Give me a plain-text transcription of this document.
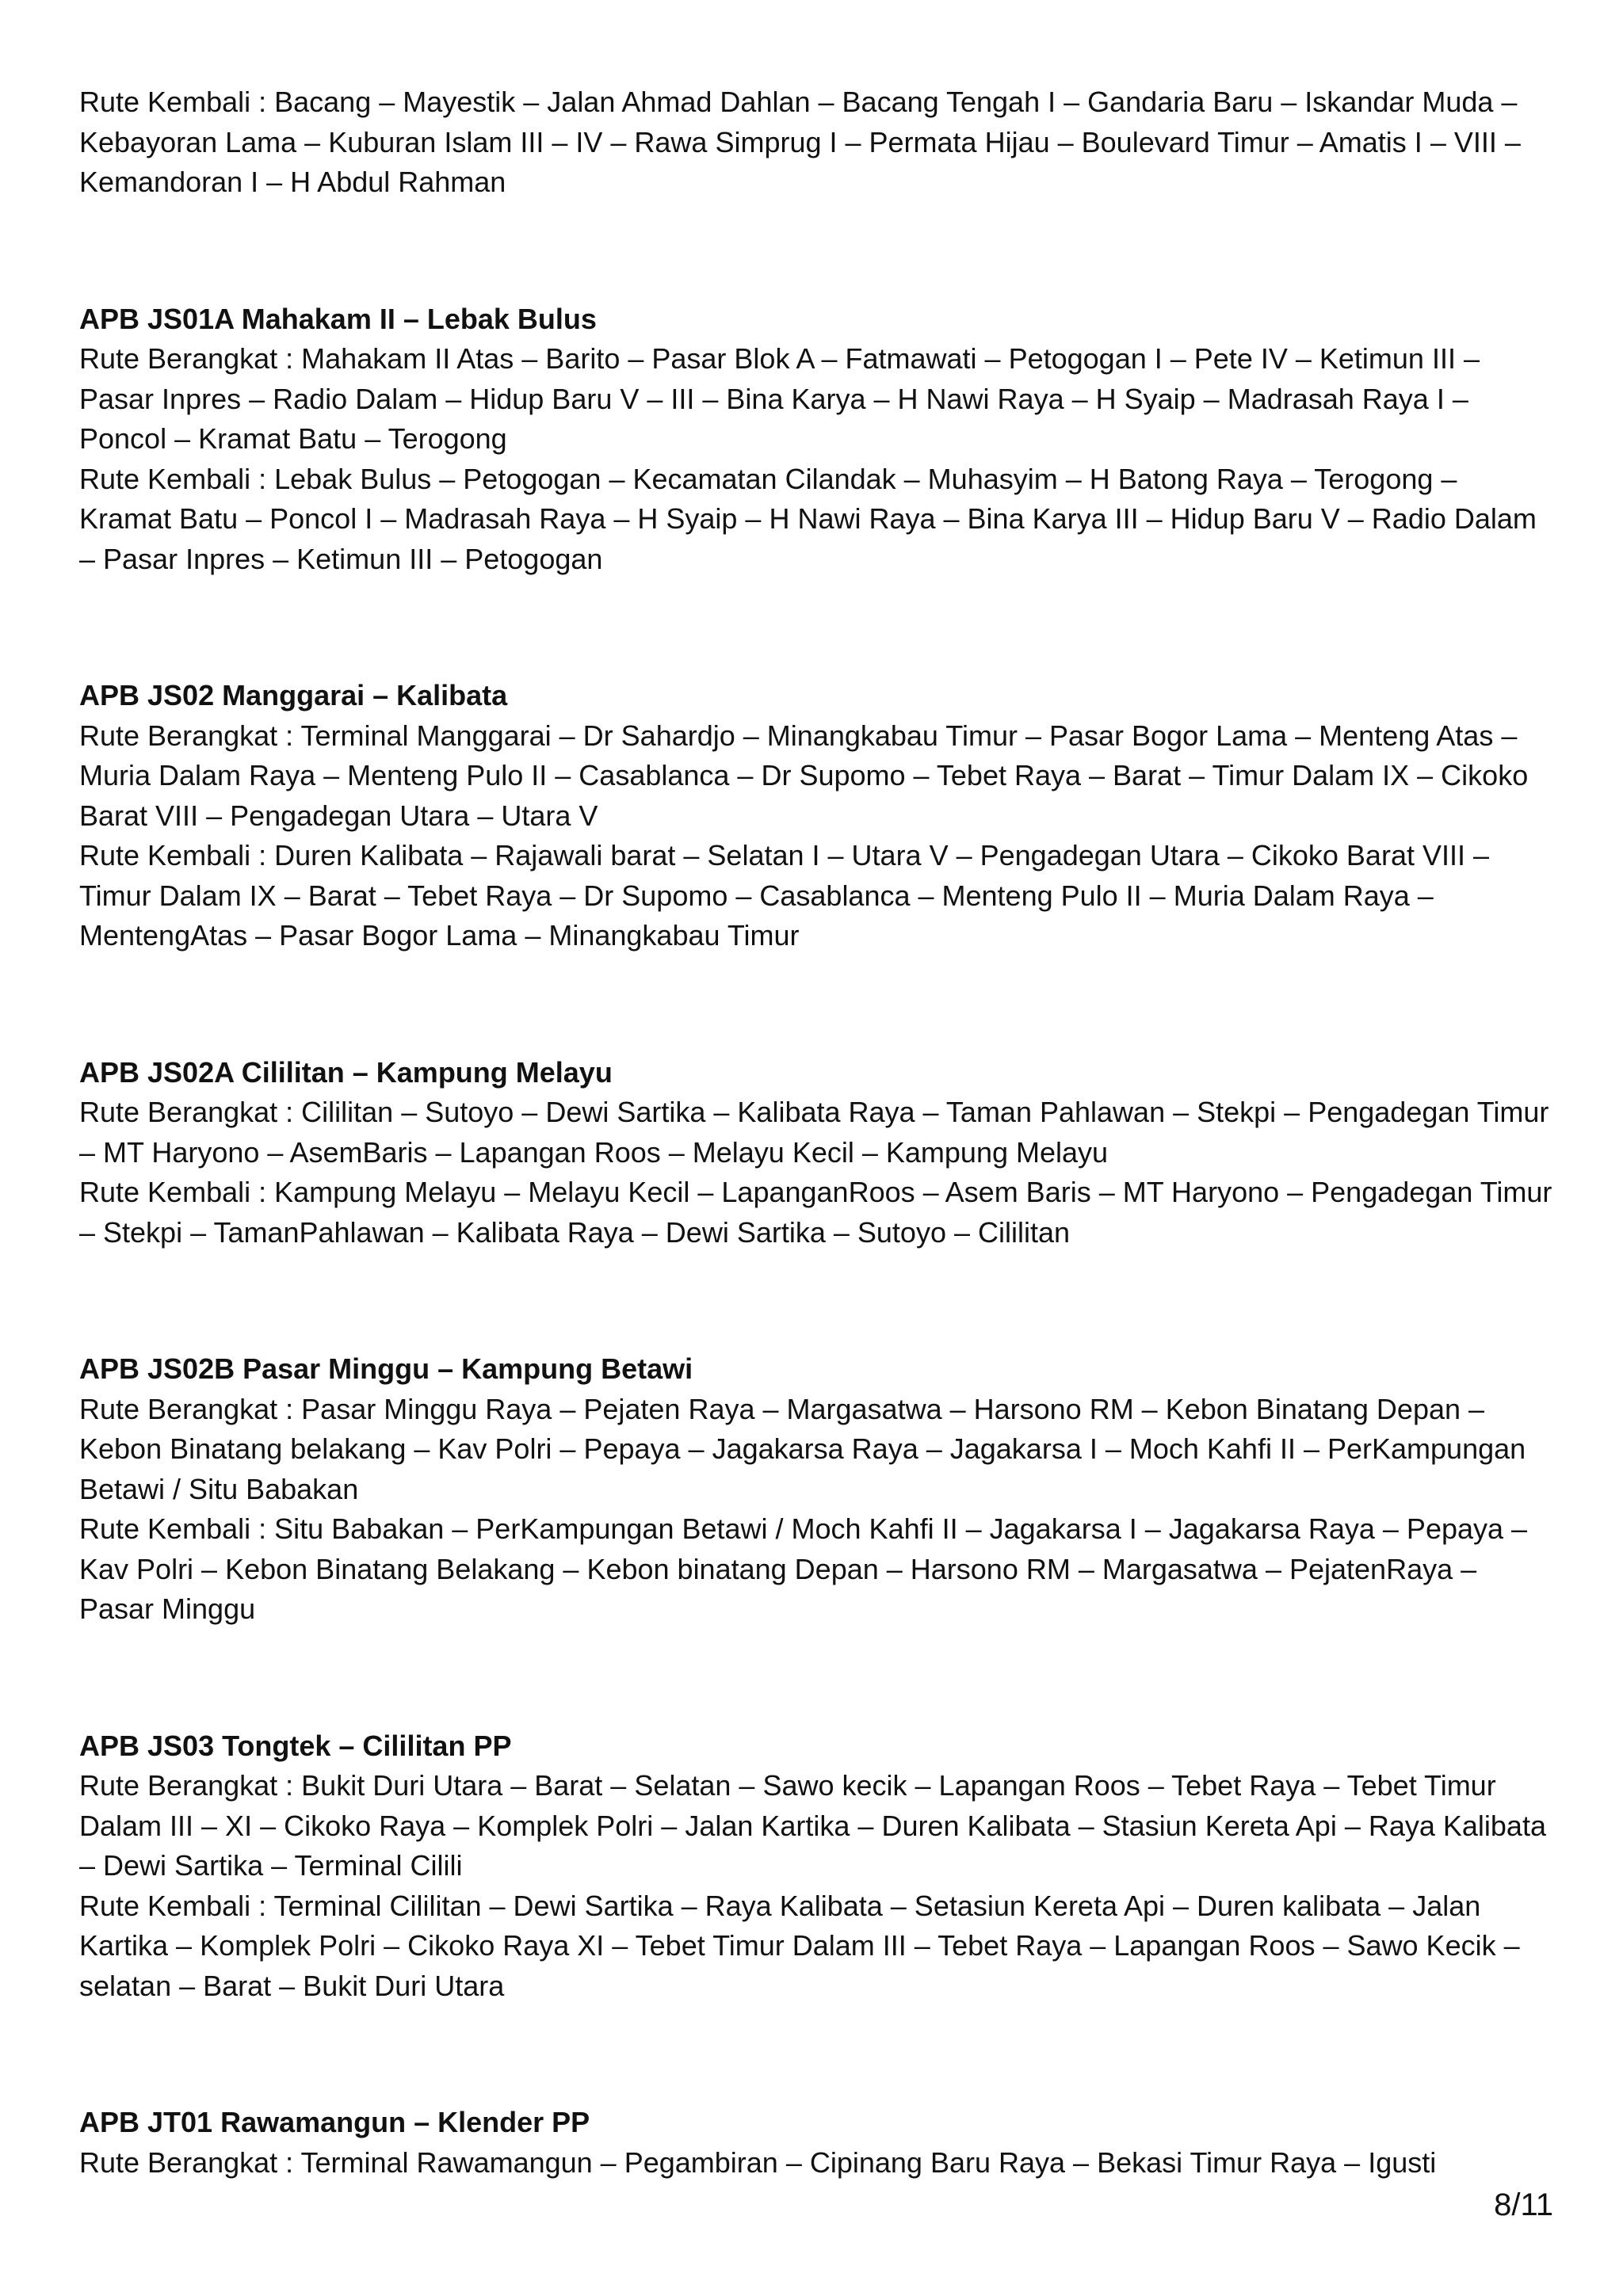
Rute Kembali : Bacang – Mayestik – Jalan Ahmad Dahlan – Bacang Tengah I – Gandaria Baru – Iskandar Muda – Kebayoran Lama – Kuburan Islam III – IV – Rawa Simprug I – Permata Hijau – Boulevard Timur – Amatis I – VIII – Kemandoran I – H Abdul Rahman

APB JS01A Mahakam II – Lebak Bulus

Rute Berangkat : Mahakam II Atas – Barito – Pasar Blok A – Fatmawati – Petogogan I – Pete IV – Ketimun III – Pasar Inpres – Radio Dalam – Hidup Baru V – III – Bina Karya – H Nawi Raya – H Syaip – Madrasah Raya I – Poncol – Kramat Batu – Terogong

Rute Kembali : Lebak Bulus – Petogogan – Kecamatan Cilandak – Muhasyim – H Batong Raya – Terogong – Kramat Batu – Poncol I – Madrasah Raya – H Syaip – H Nawi Raya – Bina Karya III – Hidup Baru V – Radio Dalam – Pasar Inpres – Ketimun III – Petogogan

APB JS02 Manggarai – Kalibata

Rute Berangkat : Terminal Manggarai – Dr Sahardjo – Minangkabau Timur – Pasar Bogor Lama – Menteng Atas – Muria Dalam Raya – Menteng Pulo II – Casablanca – Dr Supomo – Tebet Raya – Barat – Timur Dalam IX – Cikoko Barat VIII – Pengadegan Utara – Utara V

Rute Kembali : Duren Kalibata – Rajawali barat – Selatan I – Utara V – Pengadegan Utara – Cikoko Barat VIII – Timur Dalam IX – Barat – Tebet Raya – Dr Supomo – Casablanca – Menteng Pulo II – Muria Dalam Raya – MentengAtas – Pasar Bogor Lama – Minangkabau Timur

APB JS02A Cililitan – Kampung Melayu

Rute Berangkat : Cililitan – Sutoyo – Dewi Sartika – Kalibata Raya – Taman Pahlawan – Stekpi – Pengadegan Timur – MT Haryono – AsemBaris – Lapangan Roos – Melayu Kecil – Kampung Melayu

Rute Kembali : Kampung Melayu – Melayu Kecil – LapanganRoos – Asem Baris – MT Haryono – Pengadegan Timur – Stekpi – TamanPahlawan – Kalibata Raya – Dewi Sartika – Sutoyo – Cililitan

APB JS02B Pasar Minggu – Kampung Betawi

Rute Berangkat : Pasar Minggu Raya – Pejaten Raya – Margasatwa – Harsono RM – Kebon Binatang Depan – Kebon Binatang belakang – Kav Polri – Pepaya – Jagakarsa Raya – Jagakarsa I – Moch Kahfi II – PerKampungan Betawi / Situ Babakan

Rute Kembali : Situ Babakan – PerKampungan Betawi / Moch Kahfi II – Jagakarsa I – Jagakarsa Raya – Pepaya – Kav Polri – Kebon Binatang Belakang – Kebon binatang Depan – Harsono RM – Margasatwa – PejatenRaya – Pasar Minggu

APB JS03 Tongtek – Cililitan PP

Rute Berangkat : Bukit Duri Utara – Barat – Selatan – Sawo kecik – Lapangan Roos – Tebet Raya – Tebet Timur Dalam III – XI – Cikoko Raya – Komplek Polri – Jalan Kartika – Duren Kalibata – Stasiun Kereta Api – Raya Kalibata – Dewi Sartika – Terminal Cilili

Rute Kembali : Terminal Cililitan – Dewi Sartika – Raya Kalibata – Setasiun Kereta Api – Duren kalibata – Jalan Kartika – Komplek Polri – Cikoko Raya XI – Tebet Timur Dalam III – Tebet Raya – Lapangan Roos – Sawo Kecik – selatan – Barat – Bukit Duri Utara

APB JT01 Rawamangun – Klender PP

Rute Berangkat : Terminal Rawamangun – Pegambiran – Cipinang Baru Raya – Bekasi Timur Raya – Igusti

8/11
